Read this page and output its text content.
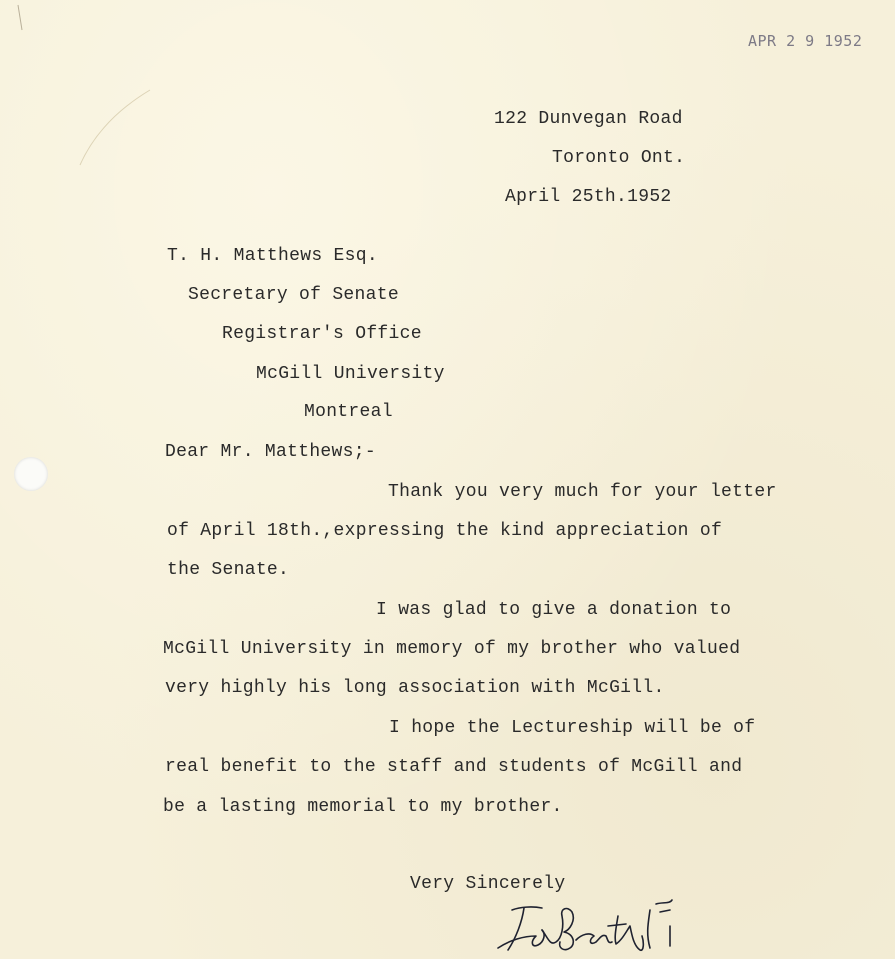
APR 2 9 1952
122 Dunvegan Road
Toronto Ont.
April 25th.1952
T. H. Matthews Esq.
Secretary of Senate
Registrar's Office
McGill University
Montreal
Dear Mr. Matthews;-
Thank you very much for your letter
of April 18th.,expressing the kind appreciation of
the Senate.
I was glad to give a donation to
McGill University in memory of my brother who valued
very highly his long association with McGill.
I hope the Lectureship will be of
real benefit to the staff and students of McGill and
be a lasting memorial to my brother.
Very Sincerely
